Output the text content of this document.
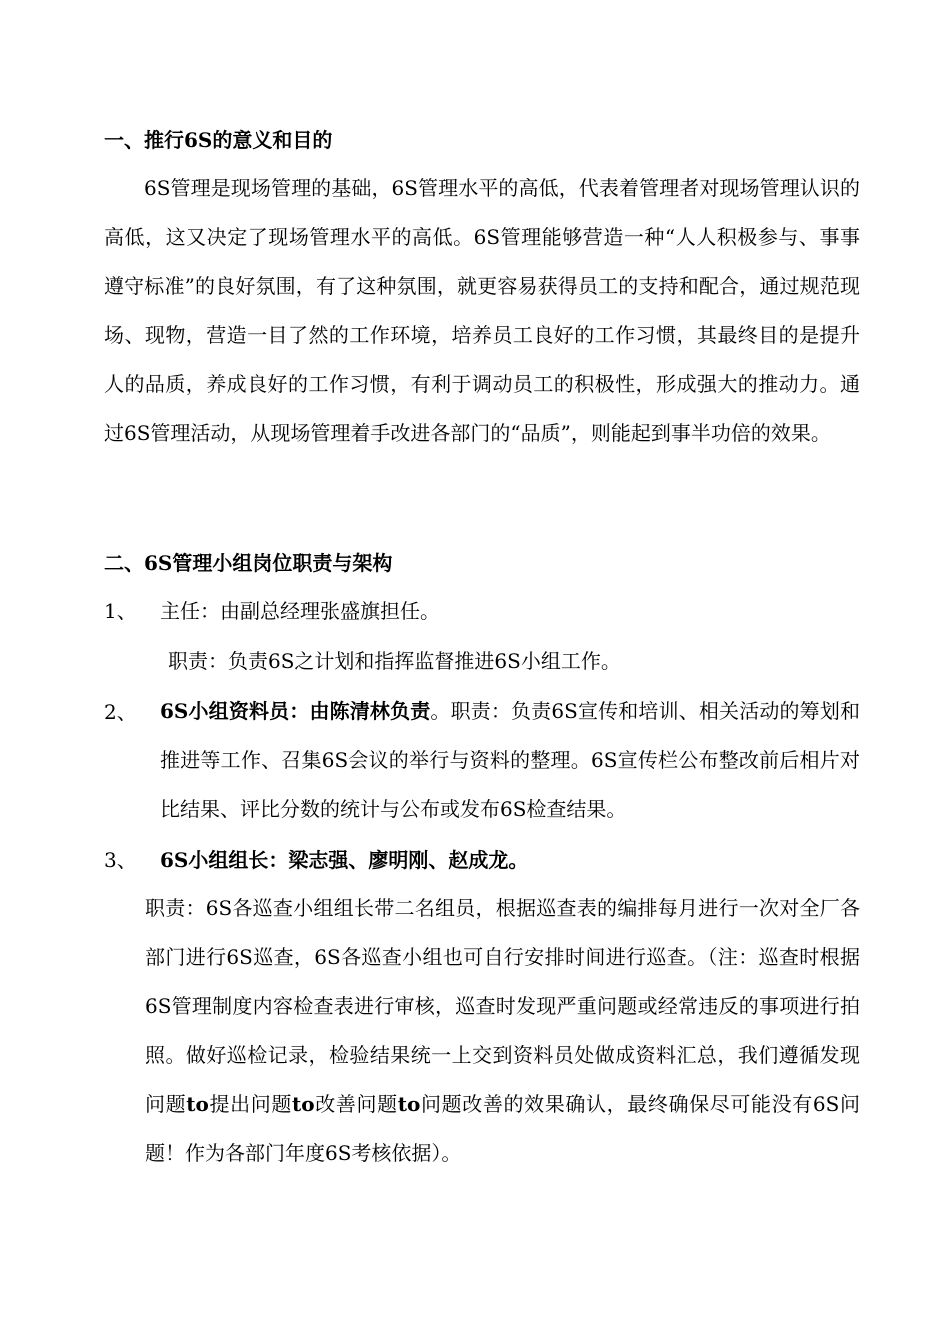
一、推行6S的意义和目的

6S管理是现场管理的基础，6S管理水平的高低，代表着管理者对现场管理认识的高低，这又决定了现场管理水平的高低。6S管理能够营造一种“人人积极参与、事事遵守标准”的良好氛围，有了这种氛围，就更容易获得员工的支持和配合，通过规范现场、现物，营造一目了然的工作环境，培养员工良好的工作习惯，其最终目的是提升人的品质，养成良好的工作习惯，有利于调动员工的积极性，形成强大的推动力。通过6S管理活动，从现场管理着手改进各部门的“品质”，则能起到事半功倍的效果。

二、6S管理小组岗位职责与架构
1、 主任：由副总经理张盛旗担任。
职责：负责6S之计划和指挥监督推进6S小组工作。
2、 6S小组资料员：由陈清林负责。职责：负责6S宣传和培训、相关活动的筹划和推进等工作、召集6S会议的举行与资料的整理。6S宣传栏公布整改前后相片对比结果、评比分数的统计与公布或发布6S检查结果。

3、 6S小组组长：梁志强、廖明刚、赵成龙。

职责：6S各巡查小组组长带二名组员，根据巡查表的编排每月进行一次对全厂各部门进行6S巡查，6S各巡查小组也可自行安排时间进行巡查。（注：巡查时根据6S管理制度内容检查表进行审核，巡查时发现严重问题或经常违反的事项进行拍照。做好巡检记录，检验结果统一上交到资料员处做成资料汇总，我们遵循发现问题to提出问题to改善问题to问题改善的效果确认，最终确保尽可能没有6S问题！作为各部门年度6S考核依据）。
